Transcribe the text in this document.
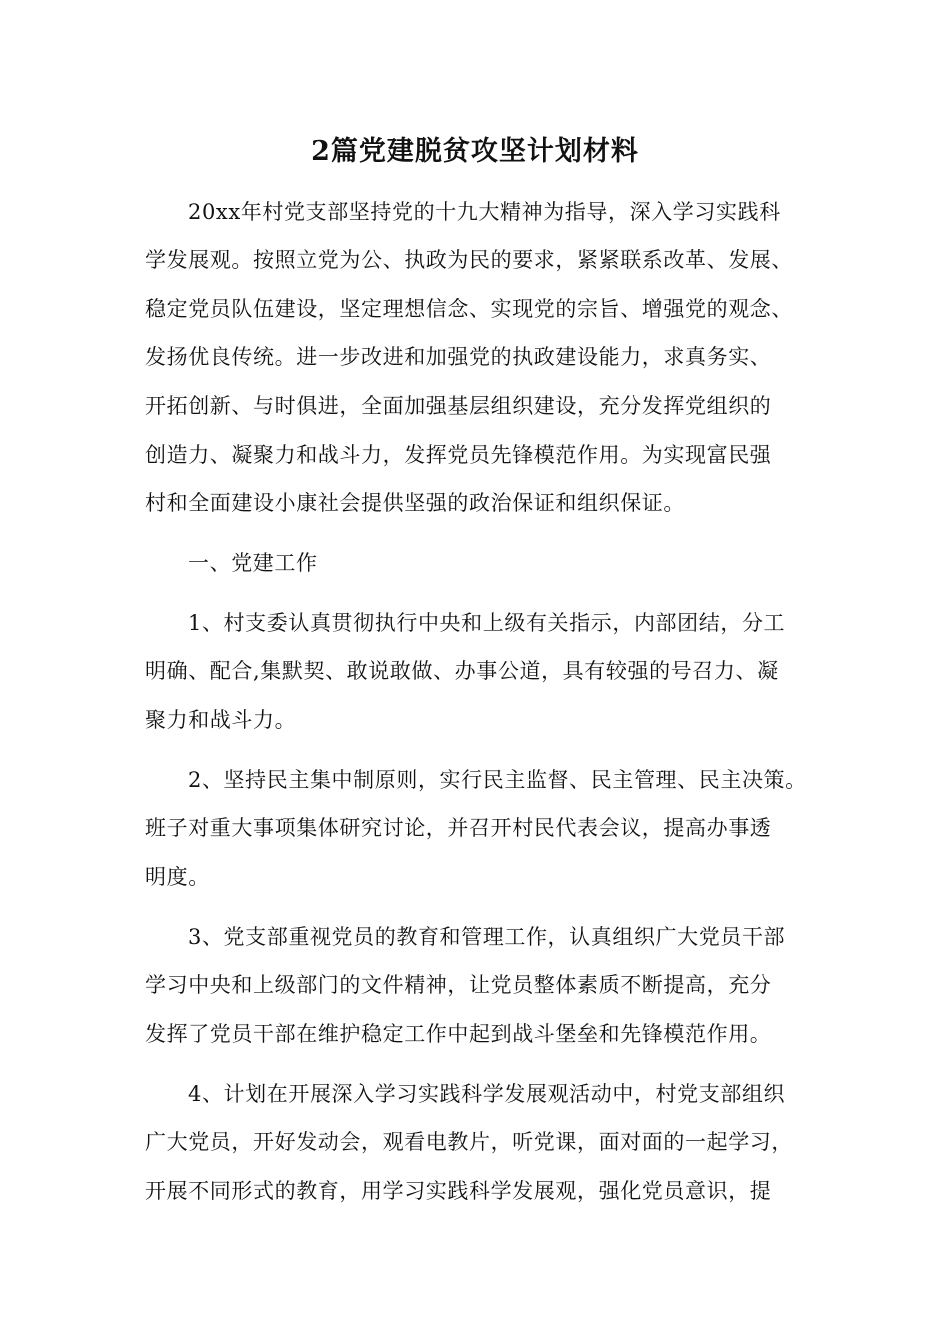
2篇党建脱贫攻坚计划材料
20xx年村党支部坚持党的十九大精神为指导，深入学习实践科
学发展观。按照立党为公、执政为民的要求，紧紧联系改革、发展、
稳定党员队伍建设，坚定理想信念、实现党的宗旨、增强党的观念、
发扬优良传统。进一步改进和加强党的执政建设能力，求真务实、
开拓创新、与时俱进，全面加强基层组织建设，充分发挥党组织的
创造力、凝聚力和战斗力，发挥党员先锋模范作用。为实现富民强
村和全面建设小康社会提供坚强的政治保证和组织保证。
一、党建工作
1、村支委认真贯彻执行中央和上级有关指示，内部团结，分工
明确、配合,集默契、敢说敢做、办事公道，具有较强的号召力、凝
聚力和战斗力。
2、坚持民主集中制原则，实行民主监督、民主管理、民主决策。
班子对重大事项集体研究讨论，并召开村民代表会议，提高办事透
明度。
3、党支部重视党员的教育和管理工作，认真组织广大党员干部
学习中央和上级部门的文件精神，让党员整体素质不断提高，充分
发挥了党员干部在维护稳定工作中起到战斗堡垒和先锋模范作用。
4、计划在开展深入学习实践科学发展观活动中，村党支部组织
广大党员，开好发动会，观看电教片，听党课，面对面的一起学习，
开展不同形式的教育，用学习实践科学发展观，强化党员意识，提
